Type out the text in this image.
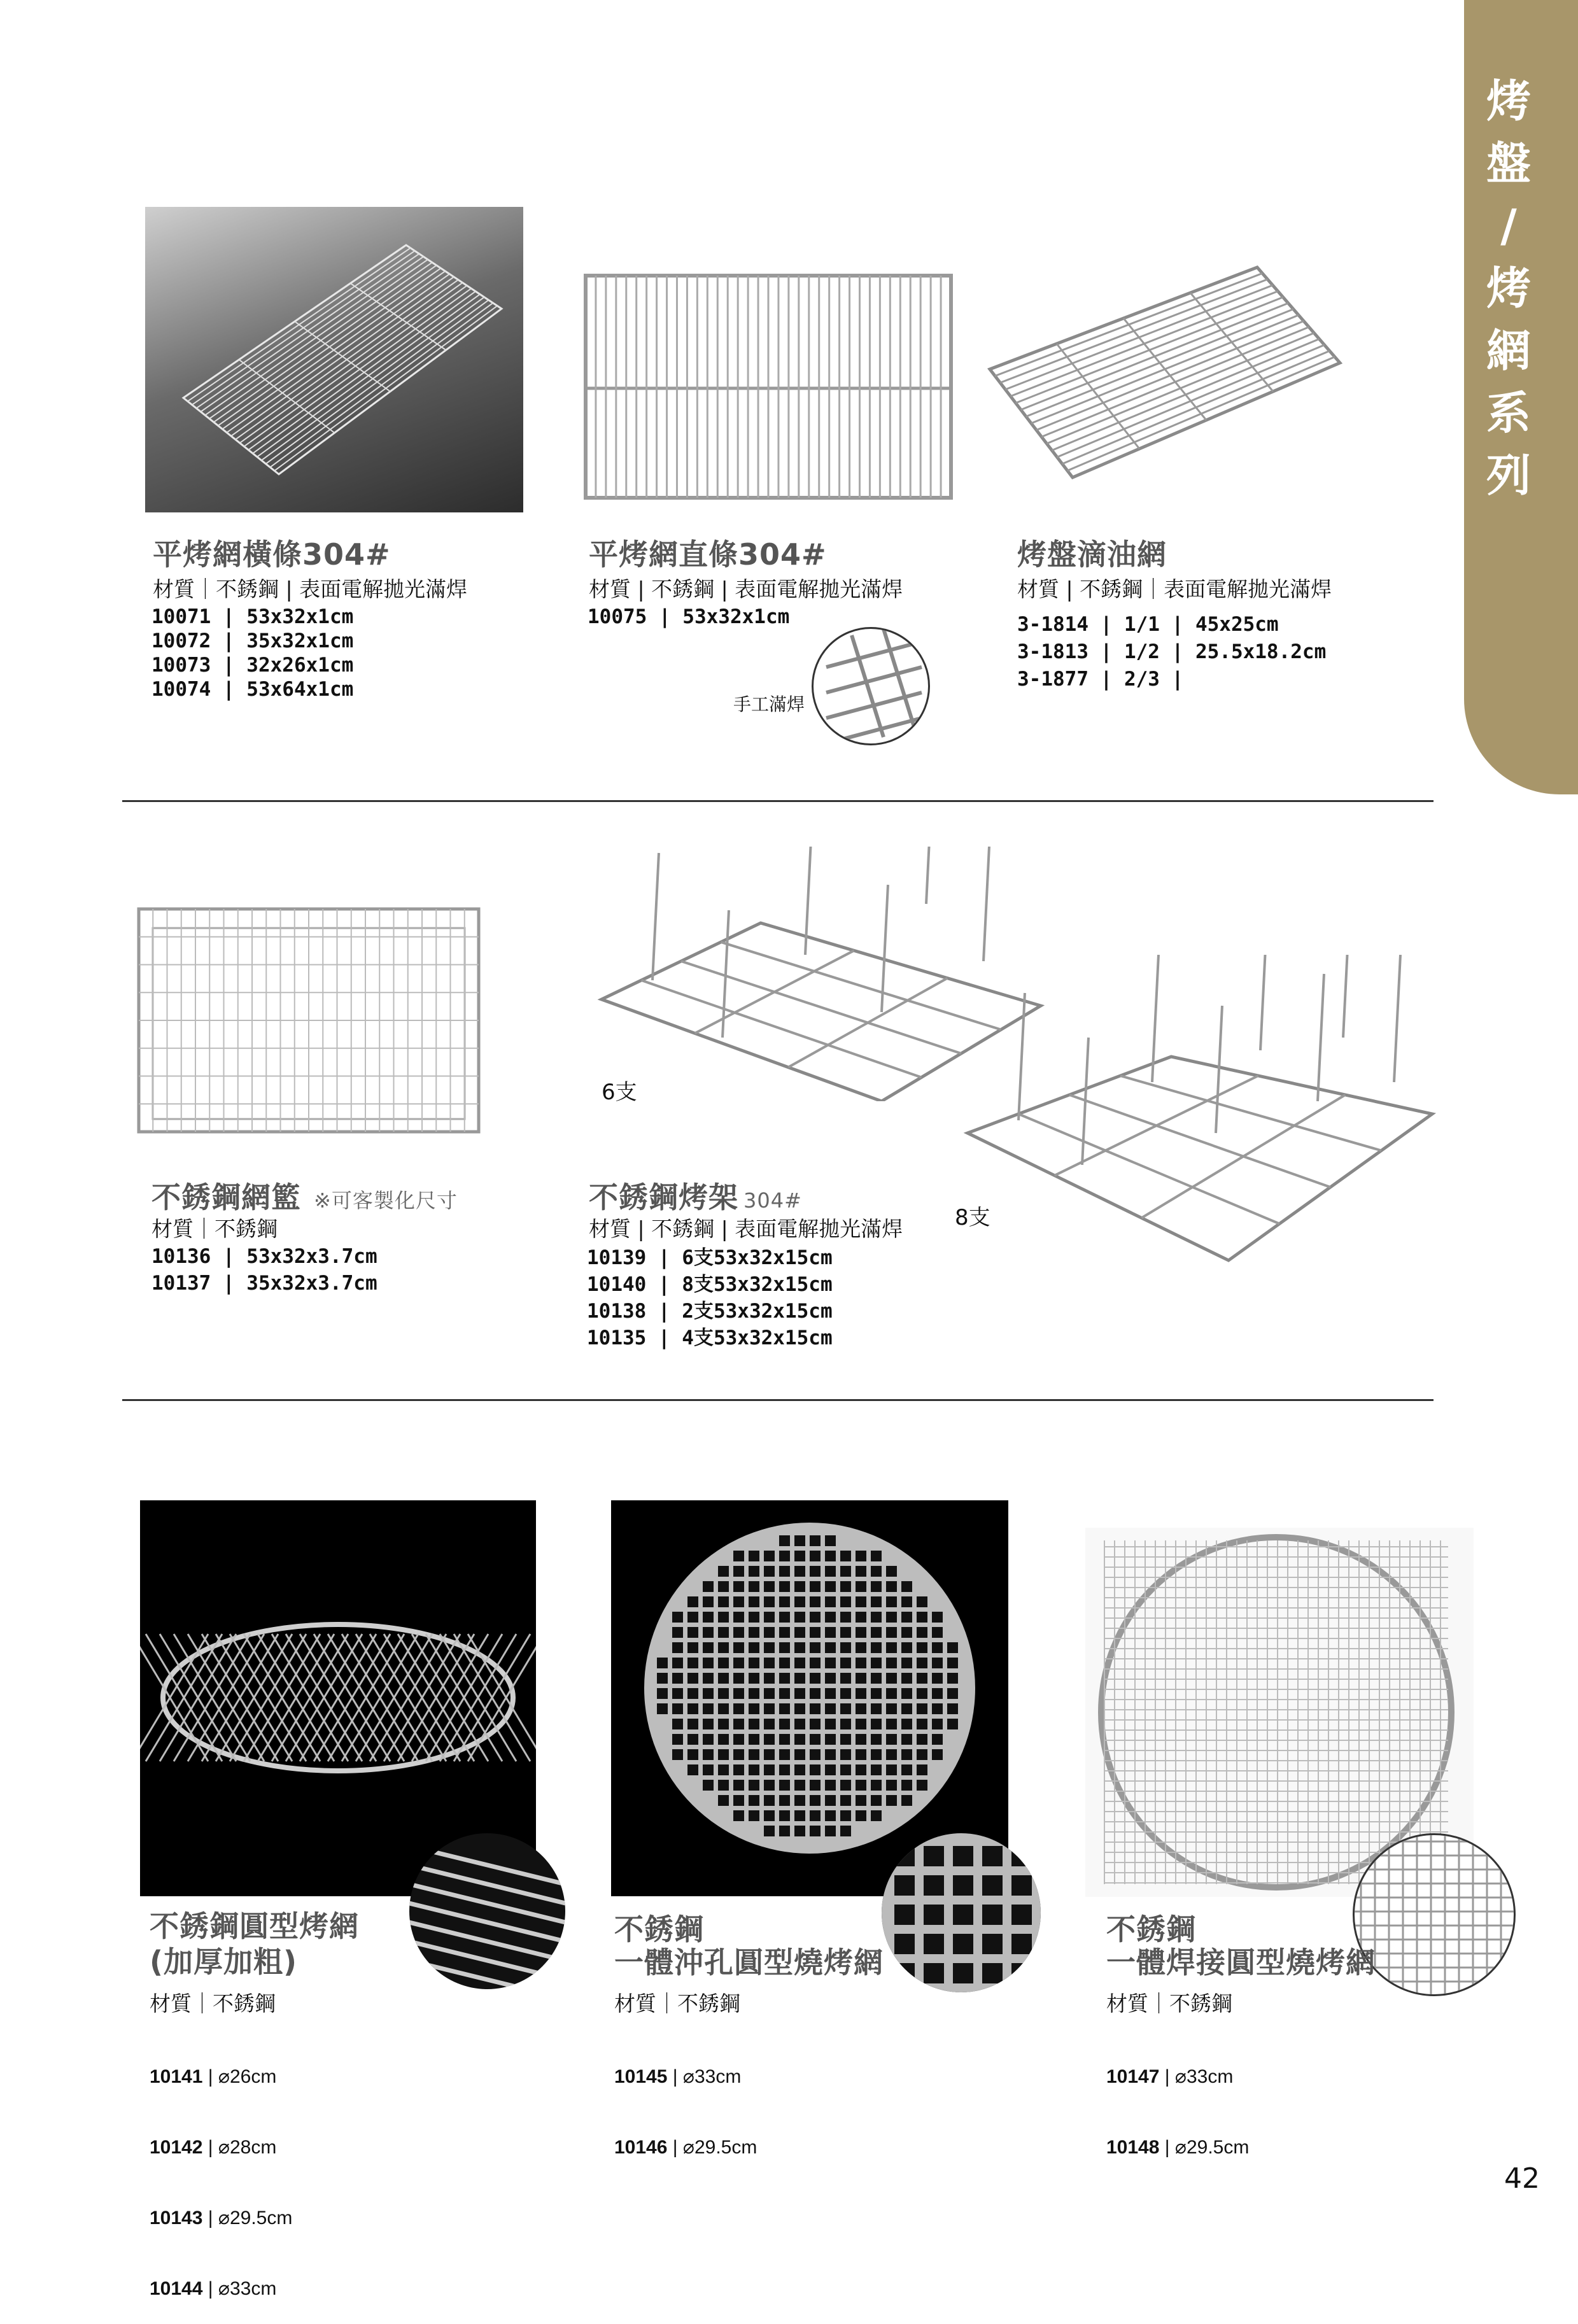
烤
盤
/
烤
網
系
列
平烤網橫條304#
材質｜不銹鋼 | 表面電解拋光滿焊
10071 | 53x32x1cm
10072 | 35x32x1cm
10073 | 32x26x1cm
10074 | 53x64x1cm
平烤網直條304#
材質 | 不銹鋼 | 表面電解拋光滿焊
10075 | 53x32x1cm
手工滿焊
烤盤滴油網
材質 | 不銹鋼｜表面電解拋光滿焊
3-1814 | 1/1 | 45x25cm
3-1813 | 1/2 | 25.5x18.2cm
3-1877 | 2/3 |
6支
8支
不銹鋼網籃 ※可客製化尺寸
材質｜不銹鋼
10136 | 53x32x3.7cm
10137 | 35x32x3.7cm
不銹鋼烤架 304#
材質 | 不銹鋼 | 表面電解拋光滿焊
10139 | 6支53x32x15cm
10140 | 8支53x32x15cm
10138 | 2支53x32x15cm
10135 | 4支53x32x15cm
不銹鋼圓型烤網
(加厚加粗)
材質｜不銹鋼

10141 | ⌀26cm

10142 | ⌀28cm

10143 | ⌀29.5cm

10144 | ⌀33cm

不銹鋼
一體沖孔圓型燒烤網
材質｜不銹鋼

10145 | ⌀33cm

10146 | ⌀29.5cm

不銹鋼
一體焊接圓型燒烤網
材質｜不銹鋼

10147 | ⌀33cm

10148 | ⌀29.5cm

42
